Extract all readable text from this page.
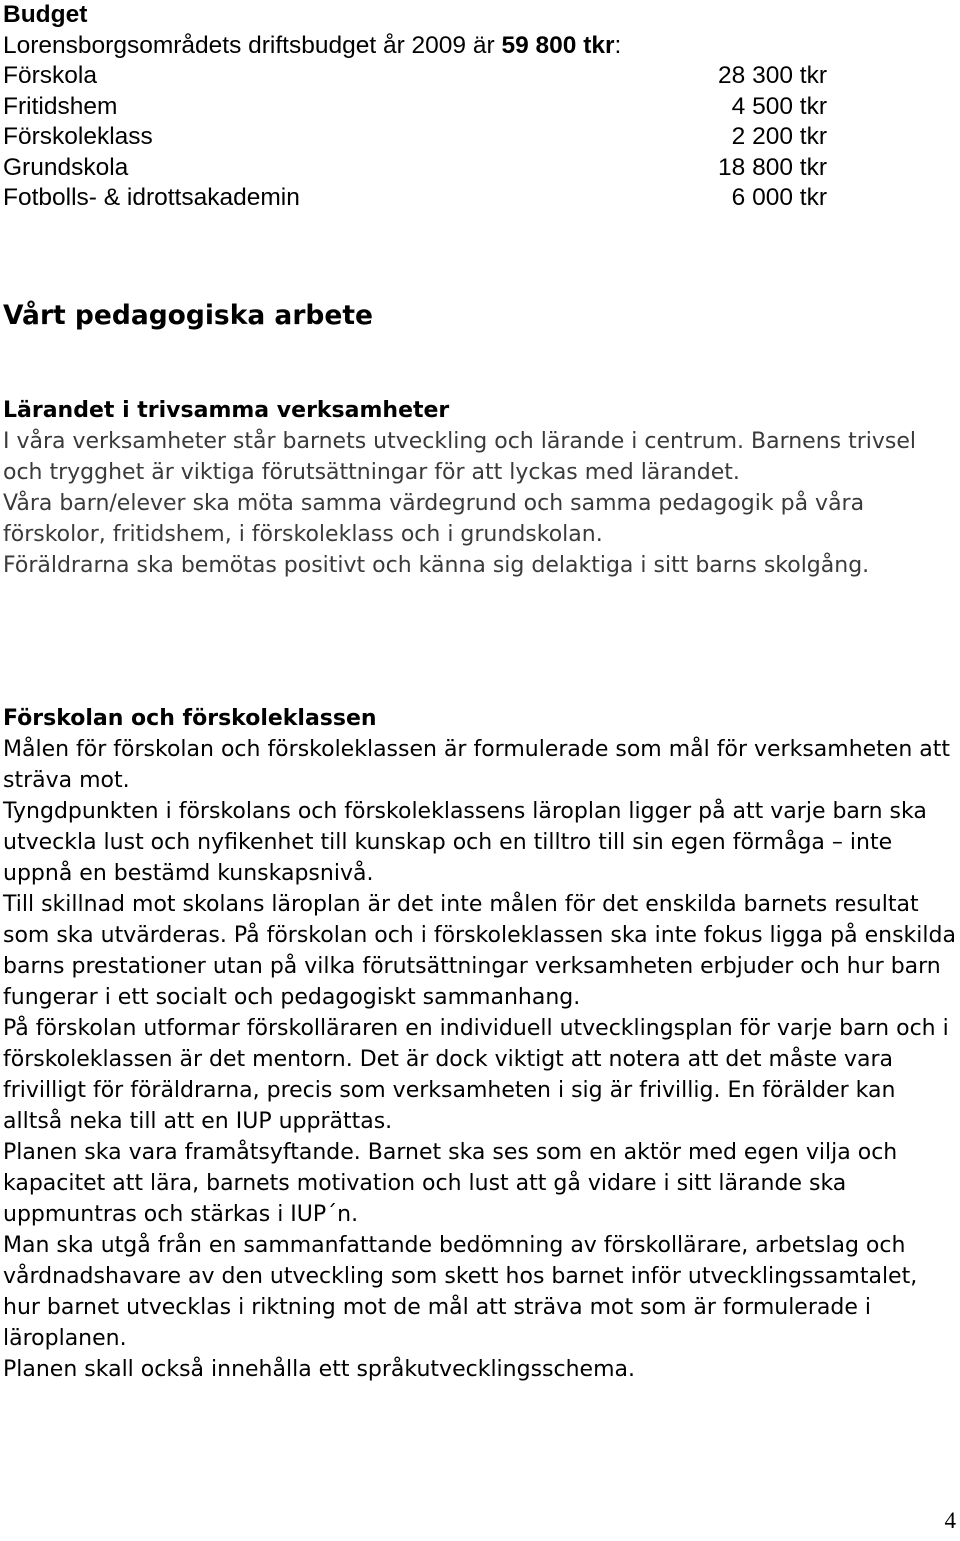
Budget

Lorensborgsområdets driftsbudget år 2009 är 59 800 tkr:

Förskola	28 300 tkr
Fritidshem	4 500 tkr
Förskoleklass	2 200 tkr
Grundskola	18 800 tkr
Fotbolls- & idrottsakademin	6 000 tkr
Vårt pedagogiska arbete
Lärandet i trivsamma verksamheter

I våra verksamheter står barnets utveckling och lärande i centrum. Barnens trivsel och trygghet är viktiga förutsättningar för att lyckas med lärandet.

Våra barn/elever ska möta samma värdegrund och samma pedagogik på våra förskolor, fritidshem, i förskoleklass och i grundskolan.

Föräldrarna ska bemötas positivt och känna sig delaktiga i sitt barns skolgång.

Förskolan och förskoleklassen

Målen för förskolan och förskoleklassen är formulerade som mål för verksamheten att sträva mot.

Tyngdpunkten i förskolans och förskoleklassens läroplan ligger på att varje barn ska utveckla lust och nyfikenhet till kunskap och en tilltro till sin egen förmåga – inte uppnå en bestämd kunskapsnivå.

Till skillnad mot skolans läroplan är det inte målen för det enskilda barnets resultat som ska utvärderas. På förskolan och i förskoleklassen ska inte fokus ligga på enskilda barns prestationer utan på vilka förutsättningar verksamheten erbjuder och hur barn fungerar i ett socialt och pedagogiskt sammanhang.

På förskolan utformar förskolläraren en individuell utvecklingsplan för varje barn och i förskoleklassen är det mentorn. Det är dock viktigt att notera att det måste vara frivilligt för föräldrarna, precis som verksamheten i sig är frivillig. En förälder kan alltså neka till att en IUP upprättas.

Planen ska vara framåtsyftande. Barnet ska ses som en aktör med egen vilja och kapacitet att lära, barnets motivation och lust att gå vidare i sitt lärande ska uppmuntras och stärkas i IUP´n.

Man ska utgå från en sammanfattande bedömning av förskollärare, arbetslag och vårdnadshavare av den utveckling som skett hos barnet inför utvecklingssamtalet, hur barnet utvecklas i riktning mot de mål att sträva mot som är formulerade i läroplanen.

Planen skall också innehålla ett språkutvecklingsschema.

4
